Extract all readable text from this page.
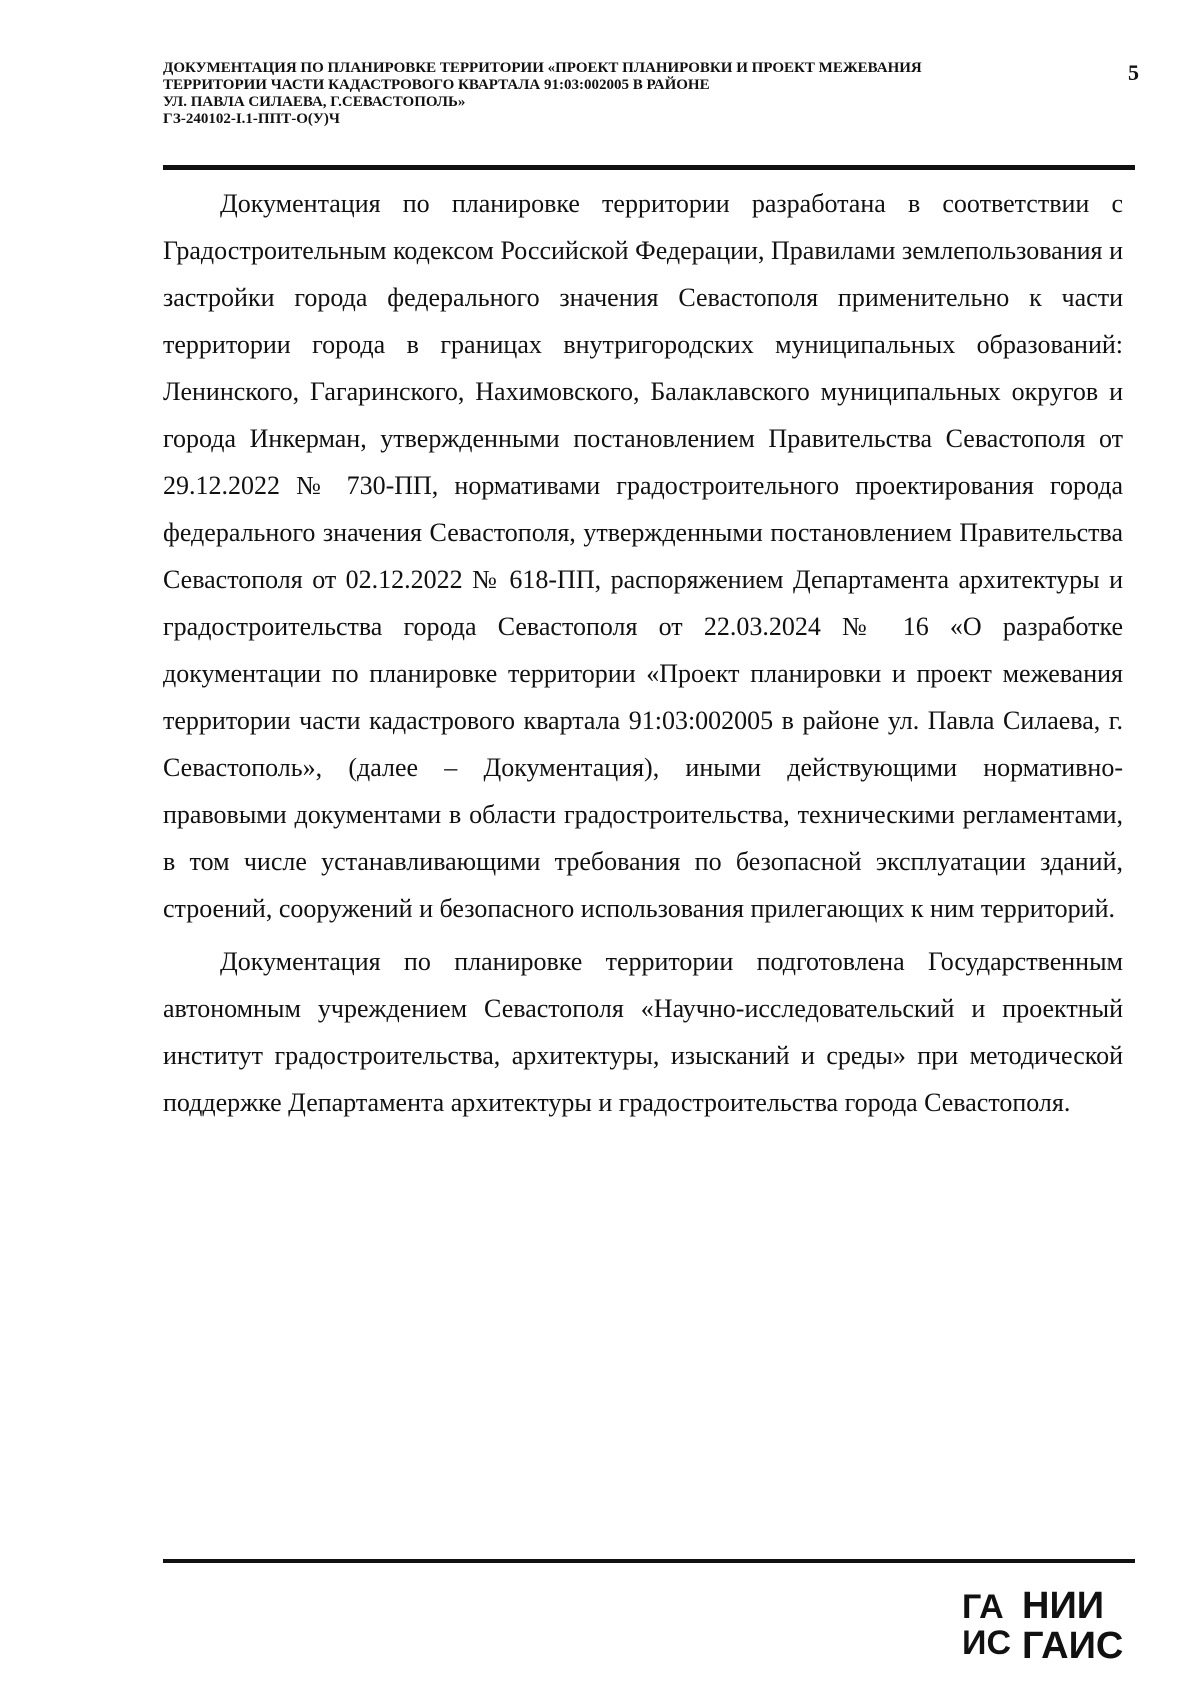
ДОКУМЕНТАЦИЯ ПО ПЛАНИРОВКЕ ТЕРРИТОРИИ «ПРОЕКТ ПЛАНИРОВКИ И ПРОЕКТ МЕЖЕВАНИЯ
ТЕРРИТОРИИ ЧАСТИ КАДАСТРОВОГО КВАРТАЛА 91:03:002005 В РАЙОНЕ
УЛ. ПАВЛА СИЛАЕВА, Г.СЕВАСТОПОЛЬ»
ГЗ-240102-I.1-ППТ-О(У)Ч
5

Документация по планировке территории разработана в соответствии с Градостроительным кодексом Российской Федерации, Правилами землепользования и застройки города федерального значения Севастополя применительно к части территории города в границах внутригородских муниципальных образований: Ленинского, Гагаринского, Нахимовского, Балаклавского муниципальных округов и города Инкерман, утвержденными постановлением Правительства Севастополя от 29.12.2022 № 730-ПП, нормативами градостроительного проектирования города федерального значения Севастополя, утвержденными постановлением Правительства Севастополя от 02.12.2022 № 618-ПП, распоряжением Департамента архитектуры и градостроительства города Севастополя от 22.03.2024 № 16 «О разработке документации по планировке территории «Проект планировки и проект межевания территории части кадастрового квартала 91:03:002005 в районе ул. Павла Силаева, г. Севастополь», (далее – Документация), иными действующими нормативно- правовыми документами в области градостроительства, техническими регламентами, в том числе устанавливающими требования по безопасной эксплуатации зданий, строений, сооружений и безопасного использования прилегающих к ним территорий.

Документация по планировке территории подготовлена Государственным автономным учреждением Севастополя «Научно-исследовательский и проектный институт градостроительства, архитектуры, изысканий и среды» при методической поддержке Департамента архитектуры и градостроительства города Севастополя.

ГА
ИС
НИИ
ГАИС
